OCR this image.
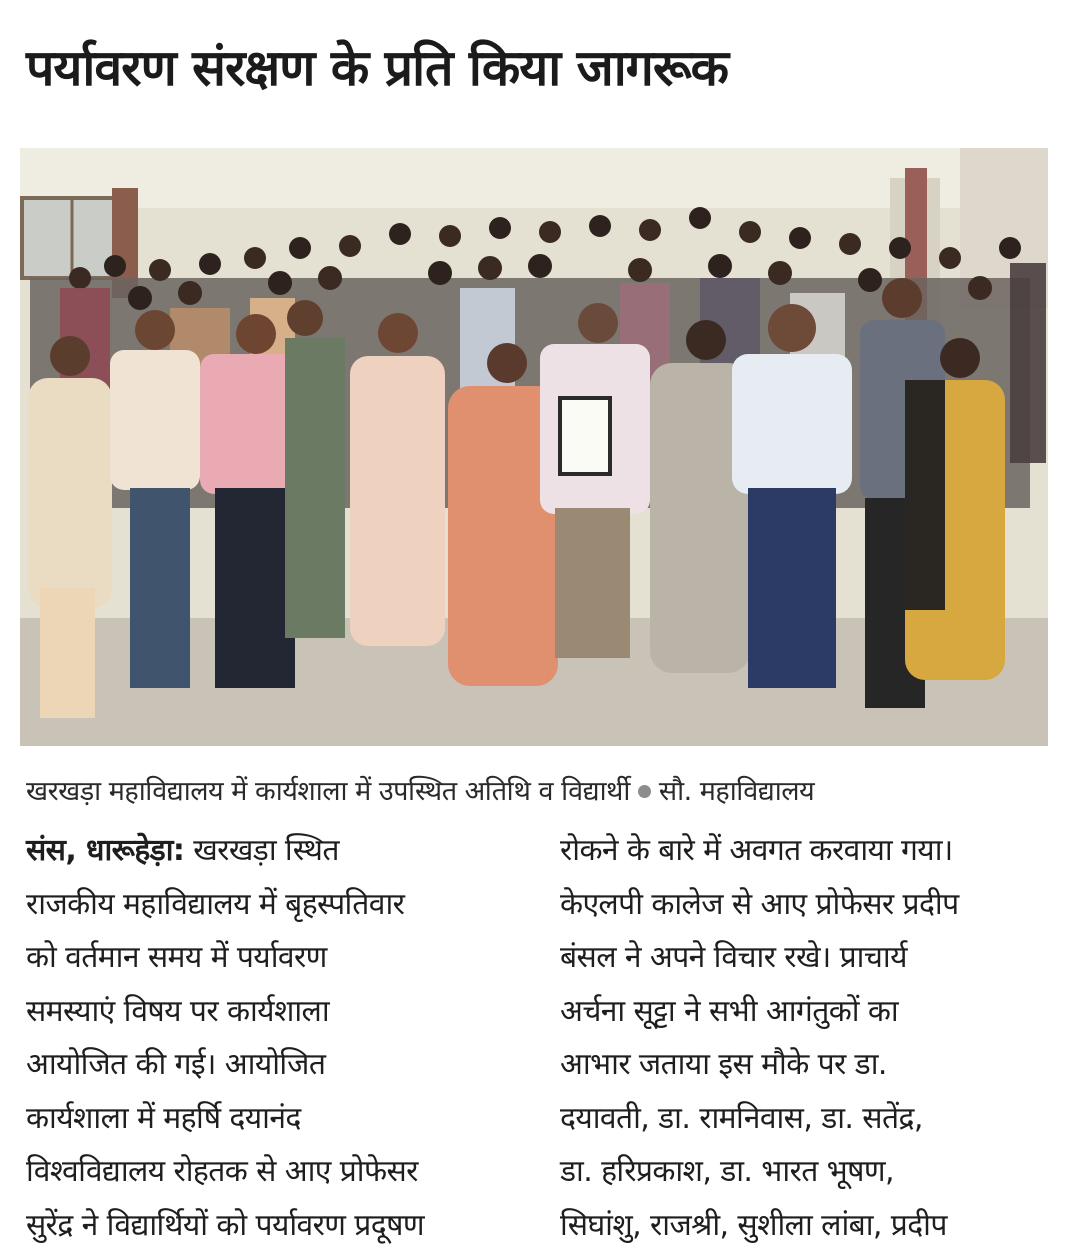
पर्यावरण संरक्षण के प्रति किया जागरूक

खरखड़ा महाविद्यालय में कार्यशाला में उपस्थित अतिथि व विद्यार्थी सौ. महाविद्यालय

संस, धारूहेड़ा: खरखड़ा स्थित

राजकीय महाविद्यालय में बृहस्पतिवार

को वर्तमान समय में पर्यावरण

समस्याएं विषय पर कार्यशाला

आयोजित की गई। आयोजित

कार्यशाला में महर्षि दयानंद

विश्वविद्यालय रोहतक से आए प्रोफेसर

सुरेंद्र ने विद्यार्थियों को पर्यावरण प्रदूषण

रोकने के बारे में अवगत करवाया गया।

केएलपी कालेज से आए प्रोफेसर प्रदीप

बंसल ने अपने विचार रखे। प्राचार्य

अर्चना सूट्टा ने सभी आगंतुकों का

आभार जताया इस मौके पर डा.

दयावती, डा. रामनिवास, डा. सतेंद्र,

डा. हरिप्रकाश, डा. भारत भूषण,

सिघांशु, राजश्री, सुशीला लांबा, प्रदीप
